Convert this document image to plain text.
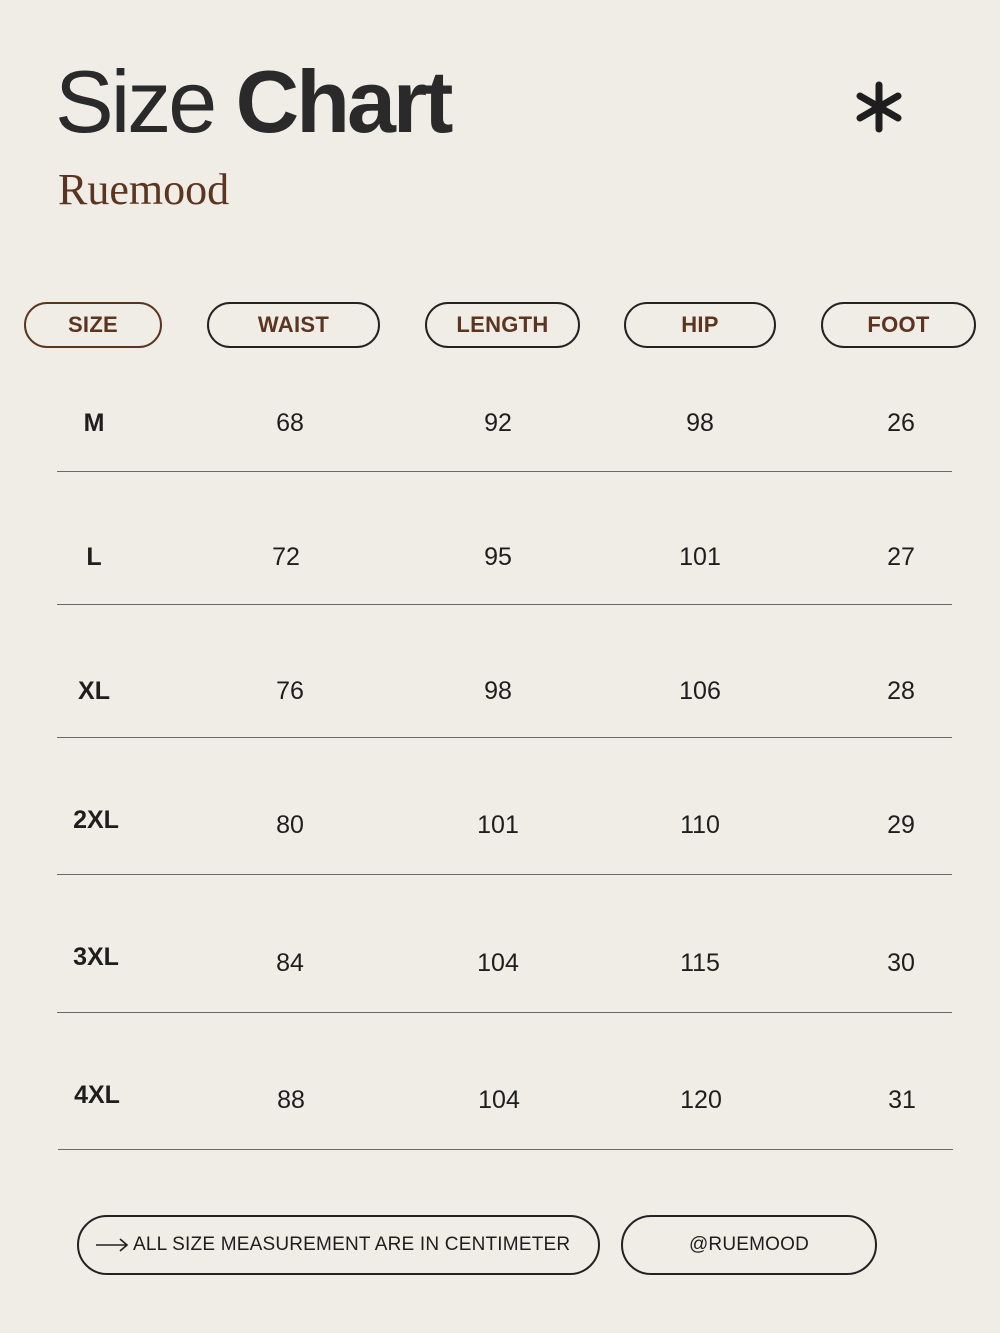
Size Chart
Ruemood
SIZE	WAIST	LENGTH	HIP	FOOT
M	68	92	98	26
L	72	95	101	27
XL	76	98	106	28
2XL	80	101	110	29
3XL	84	104	115	30
4XL	88	104	120	31
ALL SIZE MEASUREMENT ARE IN CENTIMETER	@RUEMOOD
